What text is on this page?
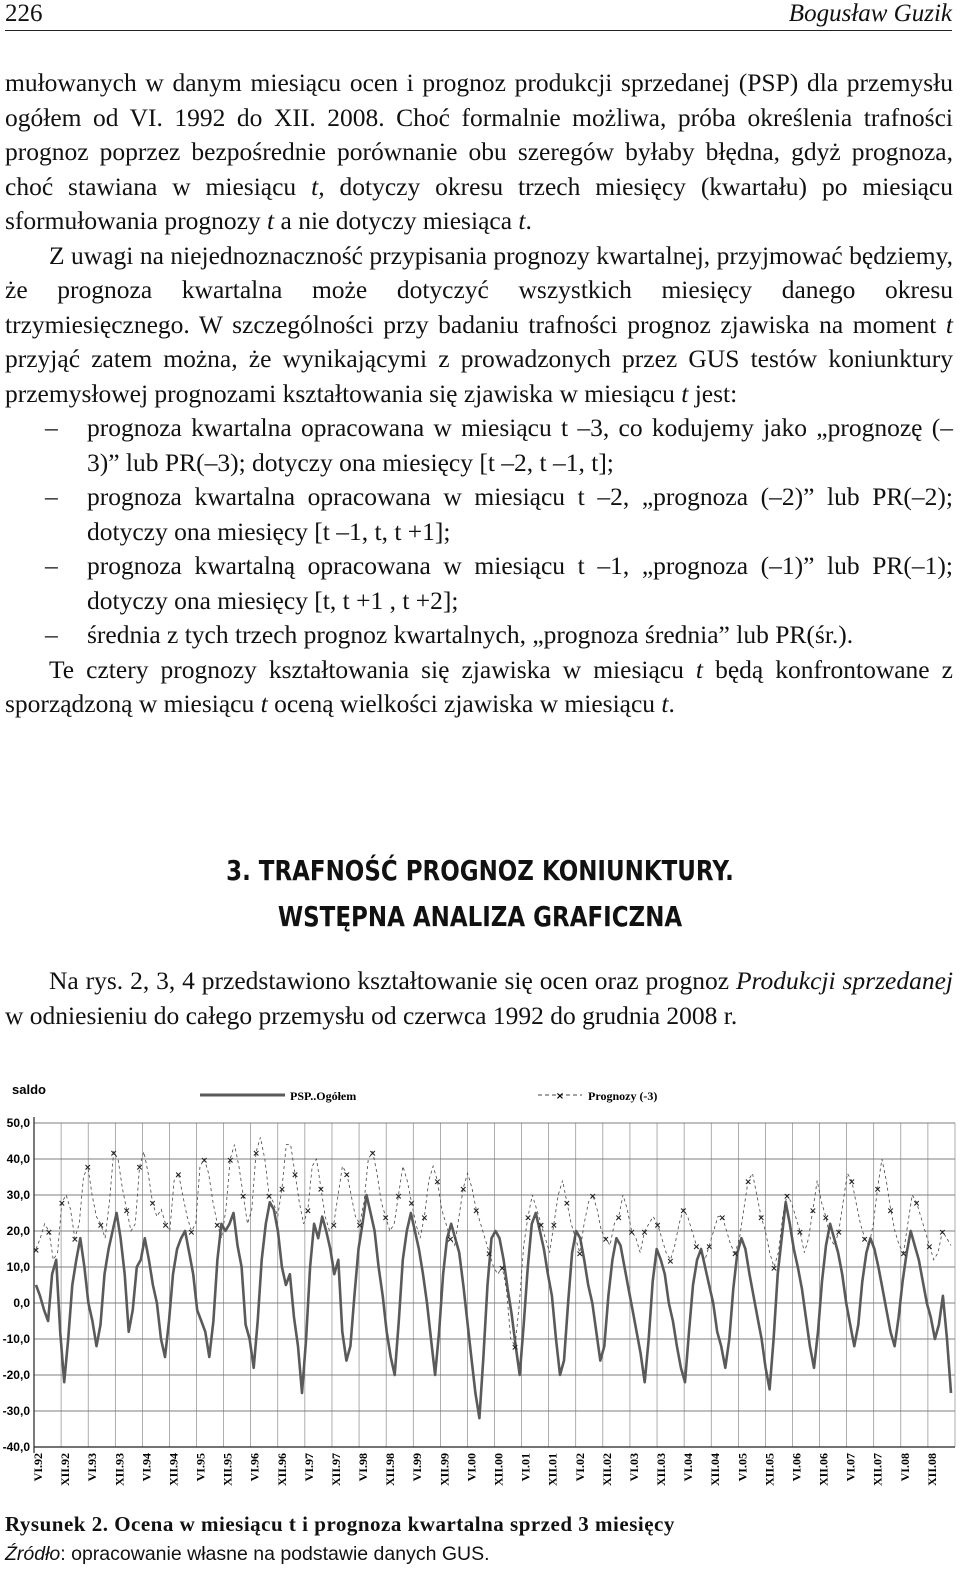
226	Bogusław Guzik

mułowanych w danym miesiącu ocen i prognoz produkcji sprzedanej (PSP) dla przemysłu ogółem od VI. 1992 do XII. 2008. Choć formalnie możliwa, próba określenia trafności prognoz poprzez bezpośrednie porównanie obu szeregów byłaby błędna, gdyż prognoza, choć stawiana w miesiącu t, dotyczy okresu trzech miesięcy (kwartału) po miesiącu sformułowania prognozy t a nie dotyczy miesiąca t.

Z uwagi na niejednoznaczność przypisania prognozy kwartalnej, przyjmować będziemy, że prognoza kwartalna może dotyczyć wszystkich miesięcy danego okresu trzymiesięcznego. W szczególności przy badaniu trafności prognoz zjawiska na moment t przyjąć zatem można, że wynikającymi z prowadzonych przez GUS testów koniunktury przemysłowej prognozami kształtowania się zjawiska w miesiącu t jest:

– prognoza kwartalna opracowana w miesiącu t –3, co kodujemy jako „prognozę (–3)” lub PR(–3); dotyczy ona miesięcy [t –2, t –1, t];
– prognoza kwartalna opracowana w miesiącu t –2, „prognoza (–2)” lub PR(–2); dotyczy ona miesięcy [t –1, t, t +1];
– prognoza kwartalną opracowana w miesiącu t –1, „prognoza (–1)” lub PR(–1); dotyczy ona miesięcy [t, t +1 , t +2];
– średnia z tych trzech prognoz kwartalnych, „prognoza średnia” lub PR(śr.).

Te cztery prognozy kształtowania się zjawiska w miesiącu t będą konfrontowane z sporządzoną w miesiącu t oceną wielkości zjawiska w miesiącu t.

3. TRAFNOŚĆ PROGNOZ KONIUNKTURY.
WSTĘPNA ANALIZA GRAFICZNA

Na rys. 2, 3, 4 przedstawiono kształtowanie się ocen oraz prognoz Produkcji sprzedanej w odniesieniu do całego przemysłu od czerwca 1992 do grudnia 2008 r.

saldo
50,0
40,0
30,0
20,0
10,0
0,0
-10,0
-20,0
-30,0
-40,0
VI.92 XII.92 VI.93 XII.93 VI.94 XII.94 VI.95 XII.95 VI.96 XII.96 VI.97 XII.97 VI.98 XII.98 VI.99 XII.99 VI.00 XII.00 VI.01 XII.01 VI.02 XII.02 VI.03 XII.03 VI.04 XII.04 VI.05 XII.05 VI.06 XII.06 VI.07 XII.07 VI.08 XII.08
×
×
×
×
×
×
×
×
×
×
×
×
×
×
×
×
×
×
×
×
×
×
×
×
×
×
×
×
×
×
×
×
×
×
×
×
×
×
×
× ×
×
×
×
×
×
× ×
×
×
×
× ×
×
×
×
×
×
×
×
×
×
×
×
×
×
×
×
×
×
×
PSP..Ogółem	× Prognozy (-3)
Rysunek 2. Ocena w miesiącu t i prognoza kwartalna sprzed 3 miesięcy
Źródło: opracowanie własne na podstawie danych GUS.
